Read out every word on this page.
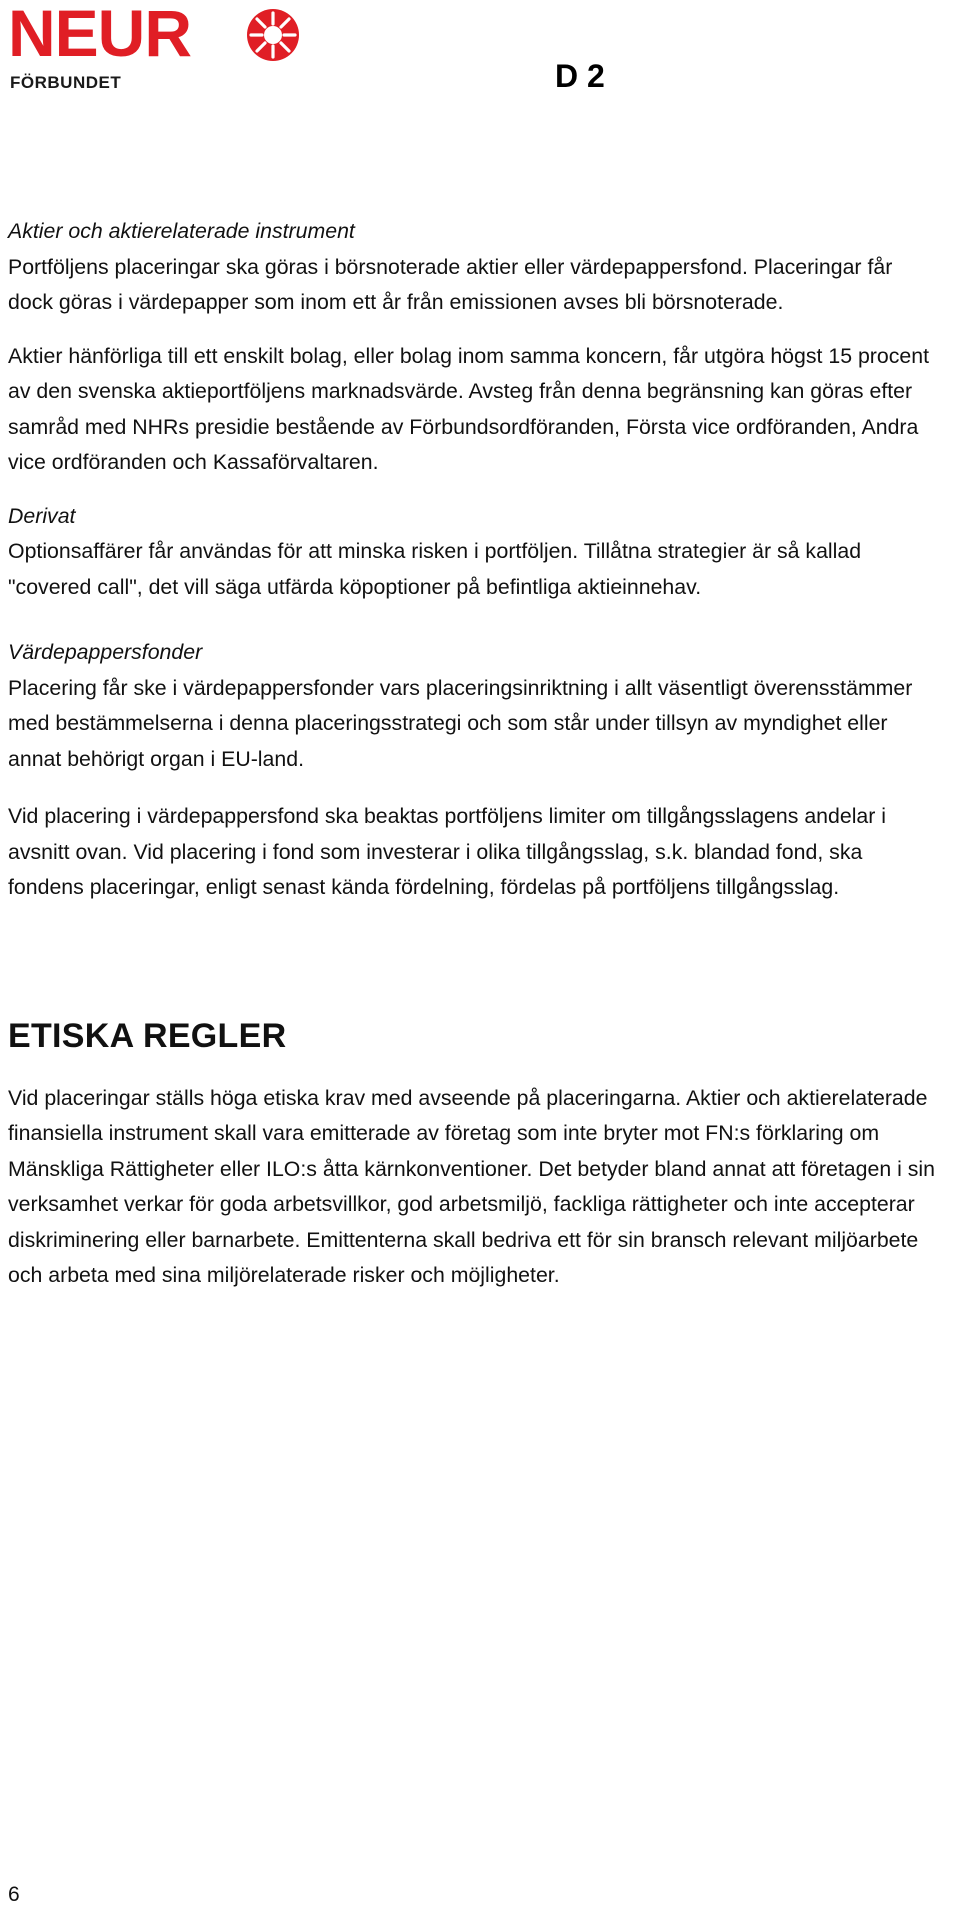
NEUR
FÖRBUNDET	D 2

Aktier och aktierelaterade instrument

Portföljens placeringar ska göras i börsnoterade aktier eller värdepappersfond. Placeringar får dock göras i värdepapper som inom ett år från emissionen avses bli börsnoterade.

Aktier hänförliga till ett enskilt bolag, eller bolag inom samma koncern, får utgöra högst 15 procent av den svenska aktieportföljens marknadsvärde. Avsteg från denna begränsning kan göras efter samråd med NHRs presidie bestående av Förbundsordföranden, Första vice ordföranden, Andra vice ordföranden och Kassaförvaltaren.

Derivat

Optionsaffärer får användas för att minska risken i portföljen. Tillåtna strategier är så kallad "covered call", det vill säga utfärda köpoptioner på befintliga aktieinnehav.

Värdepappersfonder

Placering får ske i värdepappersfonder vars placeringsinriktning i allt väsentligt överensstämmer med bestämmelserna i denna placeringsstrategi och som står under tillsyn av myndighet eller annat behörigt organ i EU-land.

Vid placering i värdepappersfond ska beaktas portföljens limiter om tillgångsslagens andelar i avsnitt ovan. Vid placering i fond som investerar i olika tillgångsslag, s.k. blandad fond, ska fondens placeringar, enligt senast kända fördelning, fördelas på portföljens tillgångsslag.

ETISKA REGLER

Vid placeringar ställs höga etiska krav med avseende på placeringarna. Aktier och aktierelaterade finansiella instrument skall vara emitterade av företag som inte bryter mot FN:s förklaring om Mänskliga Rättigheter eller ILO:s åtta kärnkonventioner. Det betyder bland annat att företagen i sin verksamhet verkar för goda arbetsvillkor, god arbetsmiljö, fackliga rättigheter och inte accepterar diskriminering eller barnarbete. Emittenterna skall bedriva ett för sin bransch relevant miljöarbete och arbeta med sina miljörelaterade risker och möjligheter.

6
